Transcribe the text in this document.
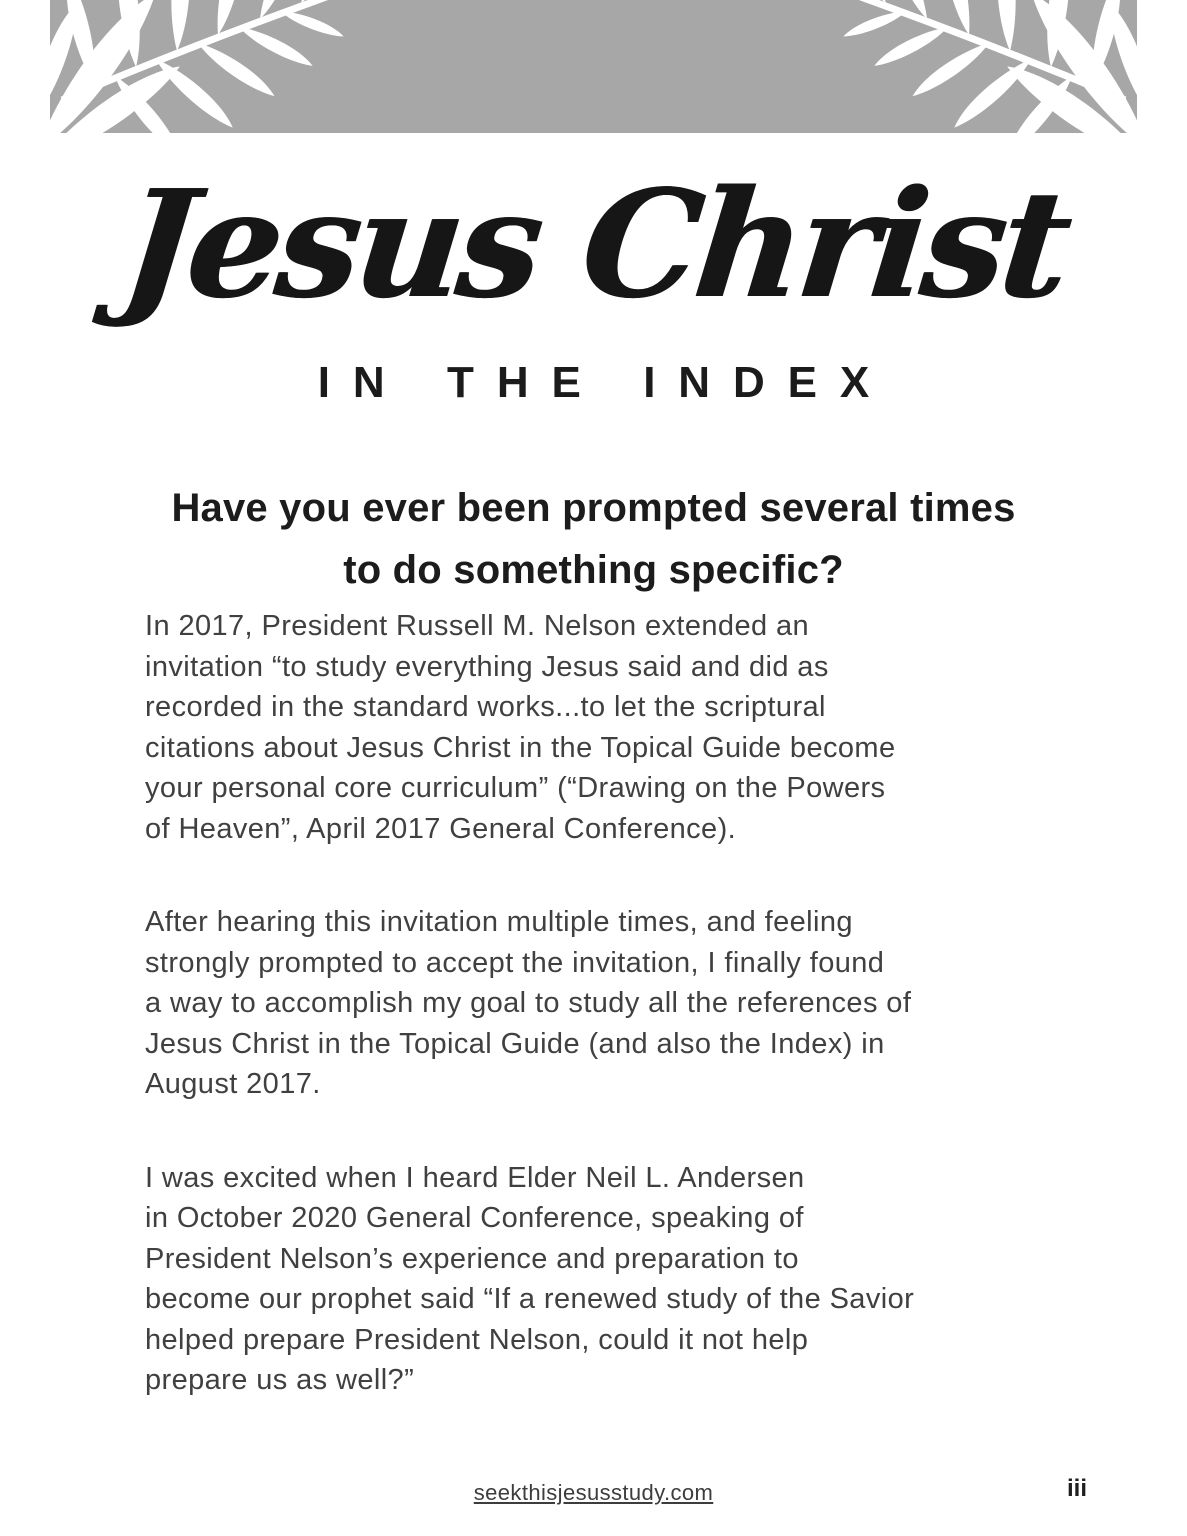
Jesus Christ
IN THE INDEX
Have you ever been prompted several times
to do something specific?
In 2017, President Russell M. Nelson extended an
invitation “to study everything Jesus said and did as
recorded in the standard works...to let the scriptural
citations about Jesus Christ in the Topical Guide become
your personal core curriculum” (“Drawing on the Powers
of Heaven”, April 2017 General Conference).
After hearing this invitation multiple times, and feeling
strongly prompted to accept the invitation, I finally found
a way to accomplish my goal to study all the references of
Jesus Christ in the Topical Guide (and also the Index) in
August 2017.
I was excited when I heard Elder Neil L. Andersen
in October 2020 General Conference, speaking of
President Nelson’s experience and preparation to
become our prophet said “If a renewed study of the Savior
helped prepare President Nelson, could it not help
prepare us as well?”
seekthisjesusstudy.com	iii
